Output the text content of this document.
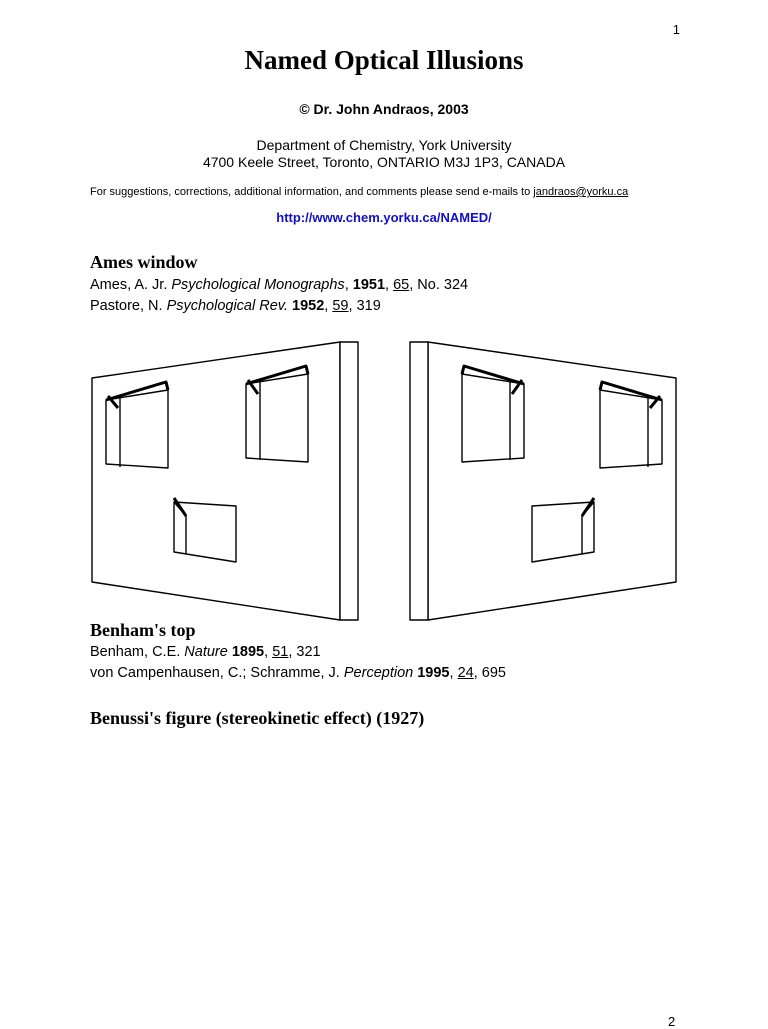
1
Named Optical Illusions
© Dr. John Andraos, 2003
Department of Chemistry, York University
4700 Keele Street, Toronto, ONTARIO M3J 1P3, CANADA
For suggestions, corrections, additional information, and comments please send e-mails to jandraos@yorku.ca
http://www.chem.yorku.ca/NAMED/
Ames window
Ames, A. Jr. Psychological Monographs, 1951, 65, No. 324
Pastore, N. Psychological Rev. 1952, 59, 319
Benham's top
Benham, C.E. Nature 1895, 51, 321
von Campenhausen, C.; Schramme, J. Perception 1995, 24, 695
Benussi's figure (stereokinetic effect) (1927)
2
